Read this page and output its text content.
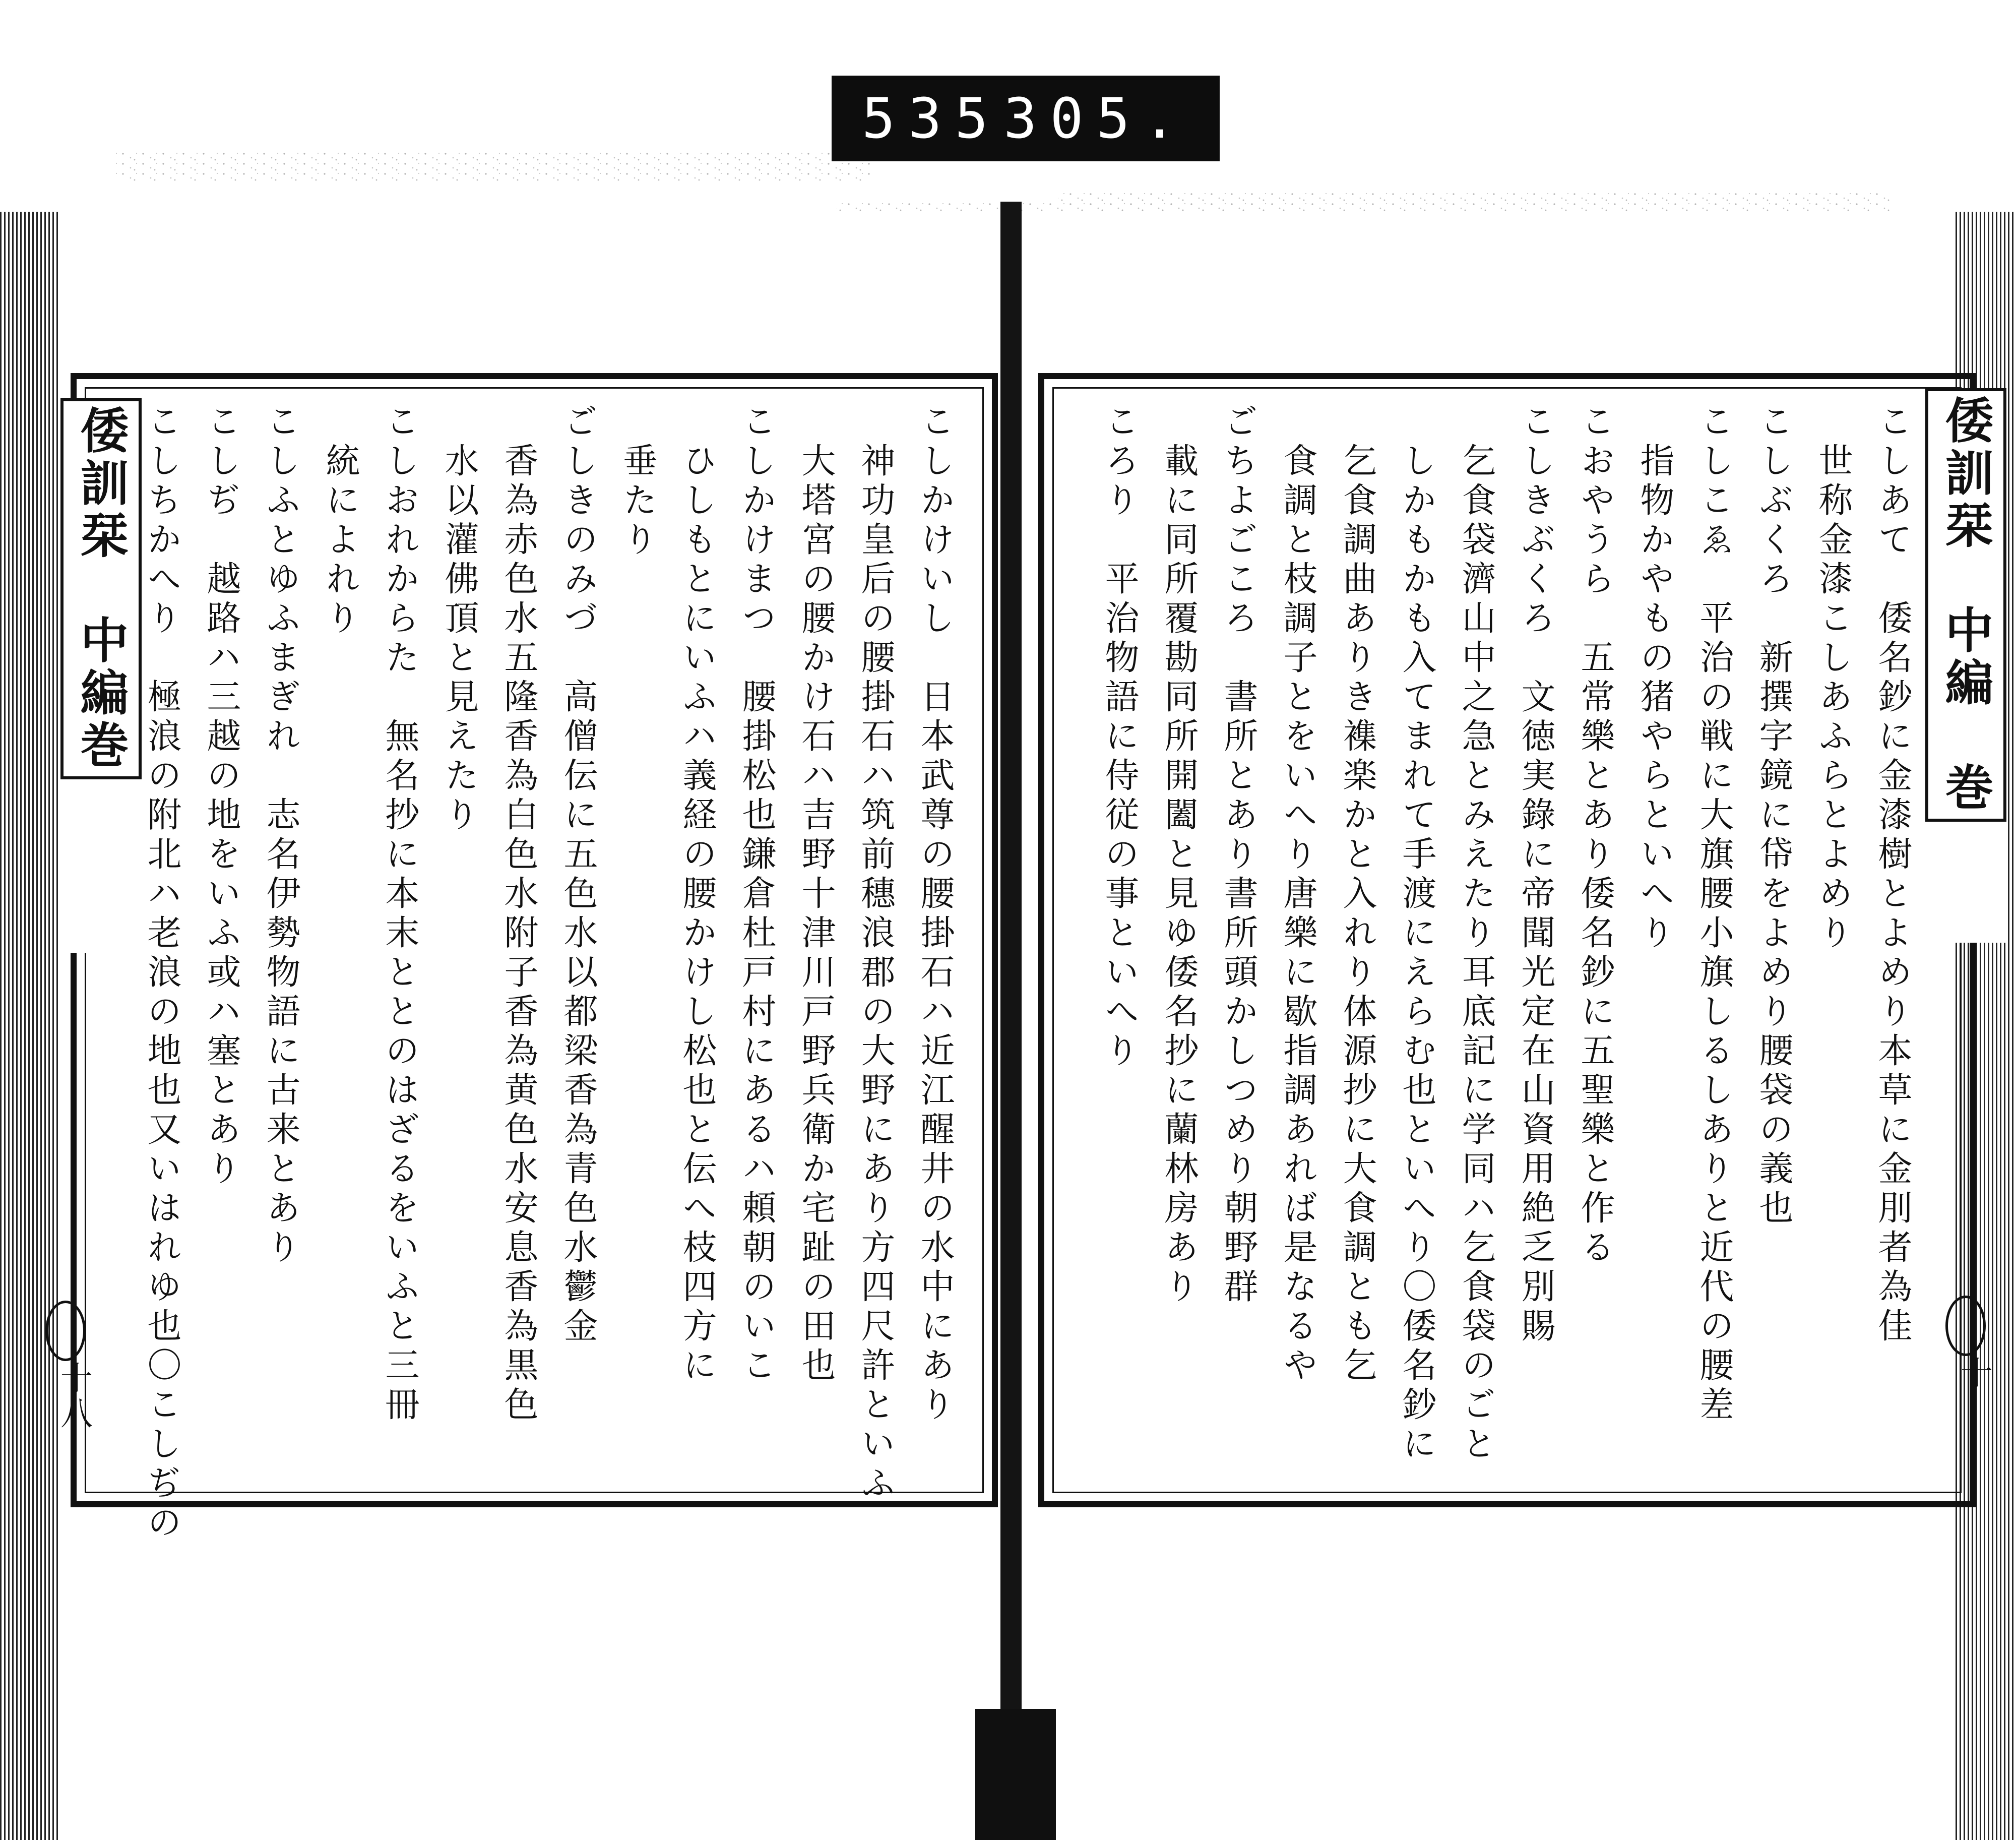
535 305.
倭訓栞　中編巻
十八	こしかけいし　日本武尊の腰掛石ハ近江醒井の水中にあり
　神功皇后の腰掛石ハ筑前穗浪郡の大野にあり方四尺許といふ
　大塔宮の腰かけ石ハ吉野十津川戸野兵衛か宅趾の田也
こしかけまつ　腰掛松也鎌倉杜戸村にあるハ頼朝のいこ
　ひしもとにいふハ義経の腰かけし松也と伝へ枝四方に
　垂たり
ごしきのみづ　高僧伝に五色水以都梁香為青色水鬱金
　香為赤色水五隆香為白色水附子香為黄色水安息香為黒色
　水以灌佛頂と見えたり
こしおれからた　無名抄に本末ととのはざるをいふと三冊
　統によれり
こしふとゆふまぎれ　志名伊勢物語に古来とあり
こしぢ　越路ハ三越の地をいふ或ハ塞とあり
こしちかへり　極浪の附北ハ老浪の地也又いはれゆ也〇こしぢの	倭訓栞　中編　巻
十
こしあて　倭名鈔に金漆樹とよめり本草に金刖者為佳
　世称金漆こしあふらとよめり
こしぶくろ　新撰字鏡に帒をよめり腰袋の義也
こしこゑ　平治の戦に大旗腰小旗しるしありと近代の腰差
　指物かやもの猪やらといへり
こおやうら　五常樂とあり倭名鈔に五聖樂と作る
こしきぶくろ　文徳実錄に帝聞光定在山資用絶乏別賜
　乞食袋濟山中之急とみえたり耳底記に学同ハ乞食袋のごと
　しかもかも入てまれて手渡にえらむ也といへり〇倭名鈔に
　乞食調曲ありき襍楽かと入れり体源抄に大食調とも乞
　食調と枝調子とをいへり唐樂に歇指調あれば是なるや
ごちよごころ　書所とあり書所頭かしつめり朝野群
　載に同所覆勘同所開闔と見ゆ倭名抄に蘭林房あり
ころり　平治物語に侍従の事といへり
